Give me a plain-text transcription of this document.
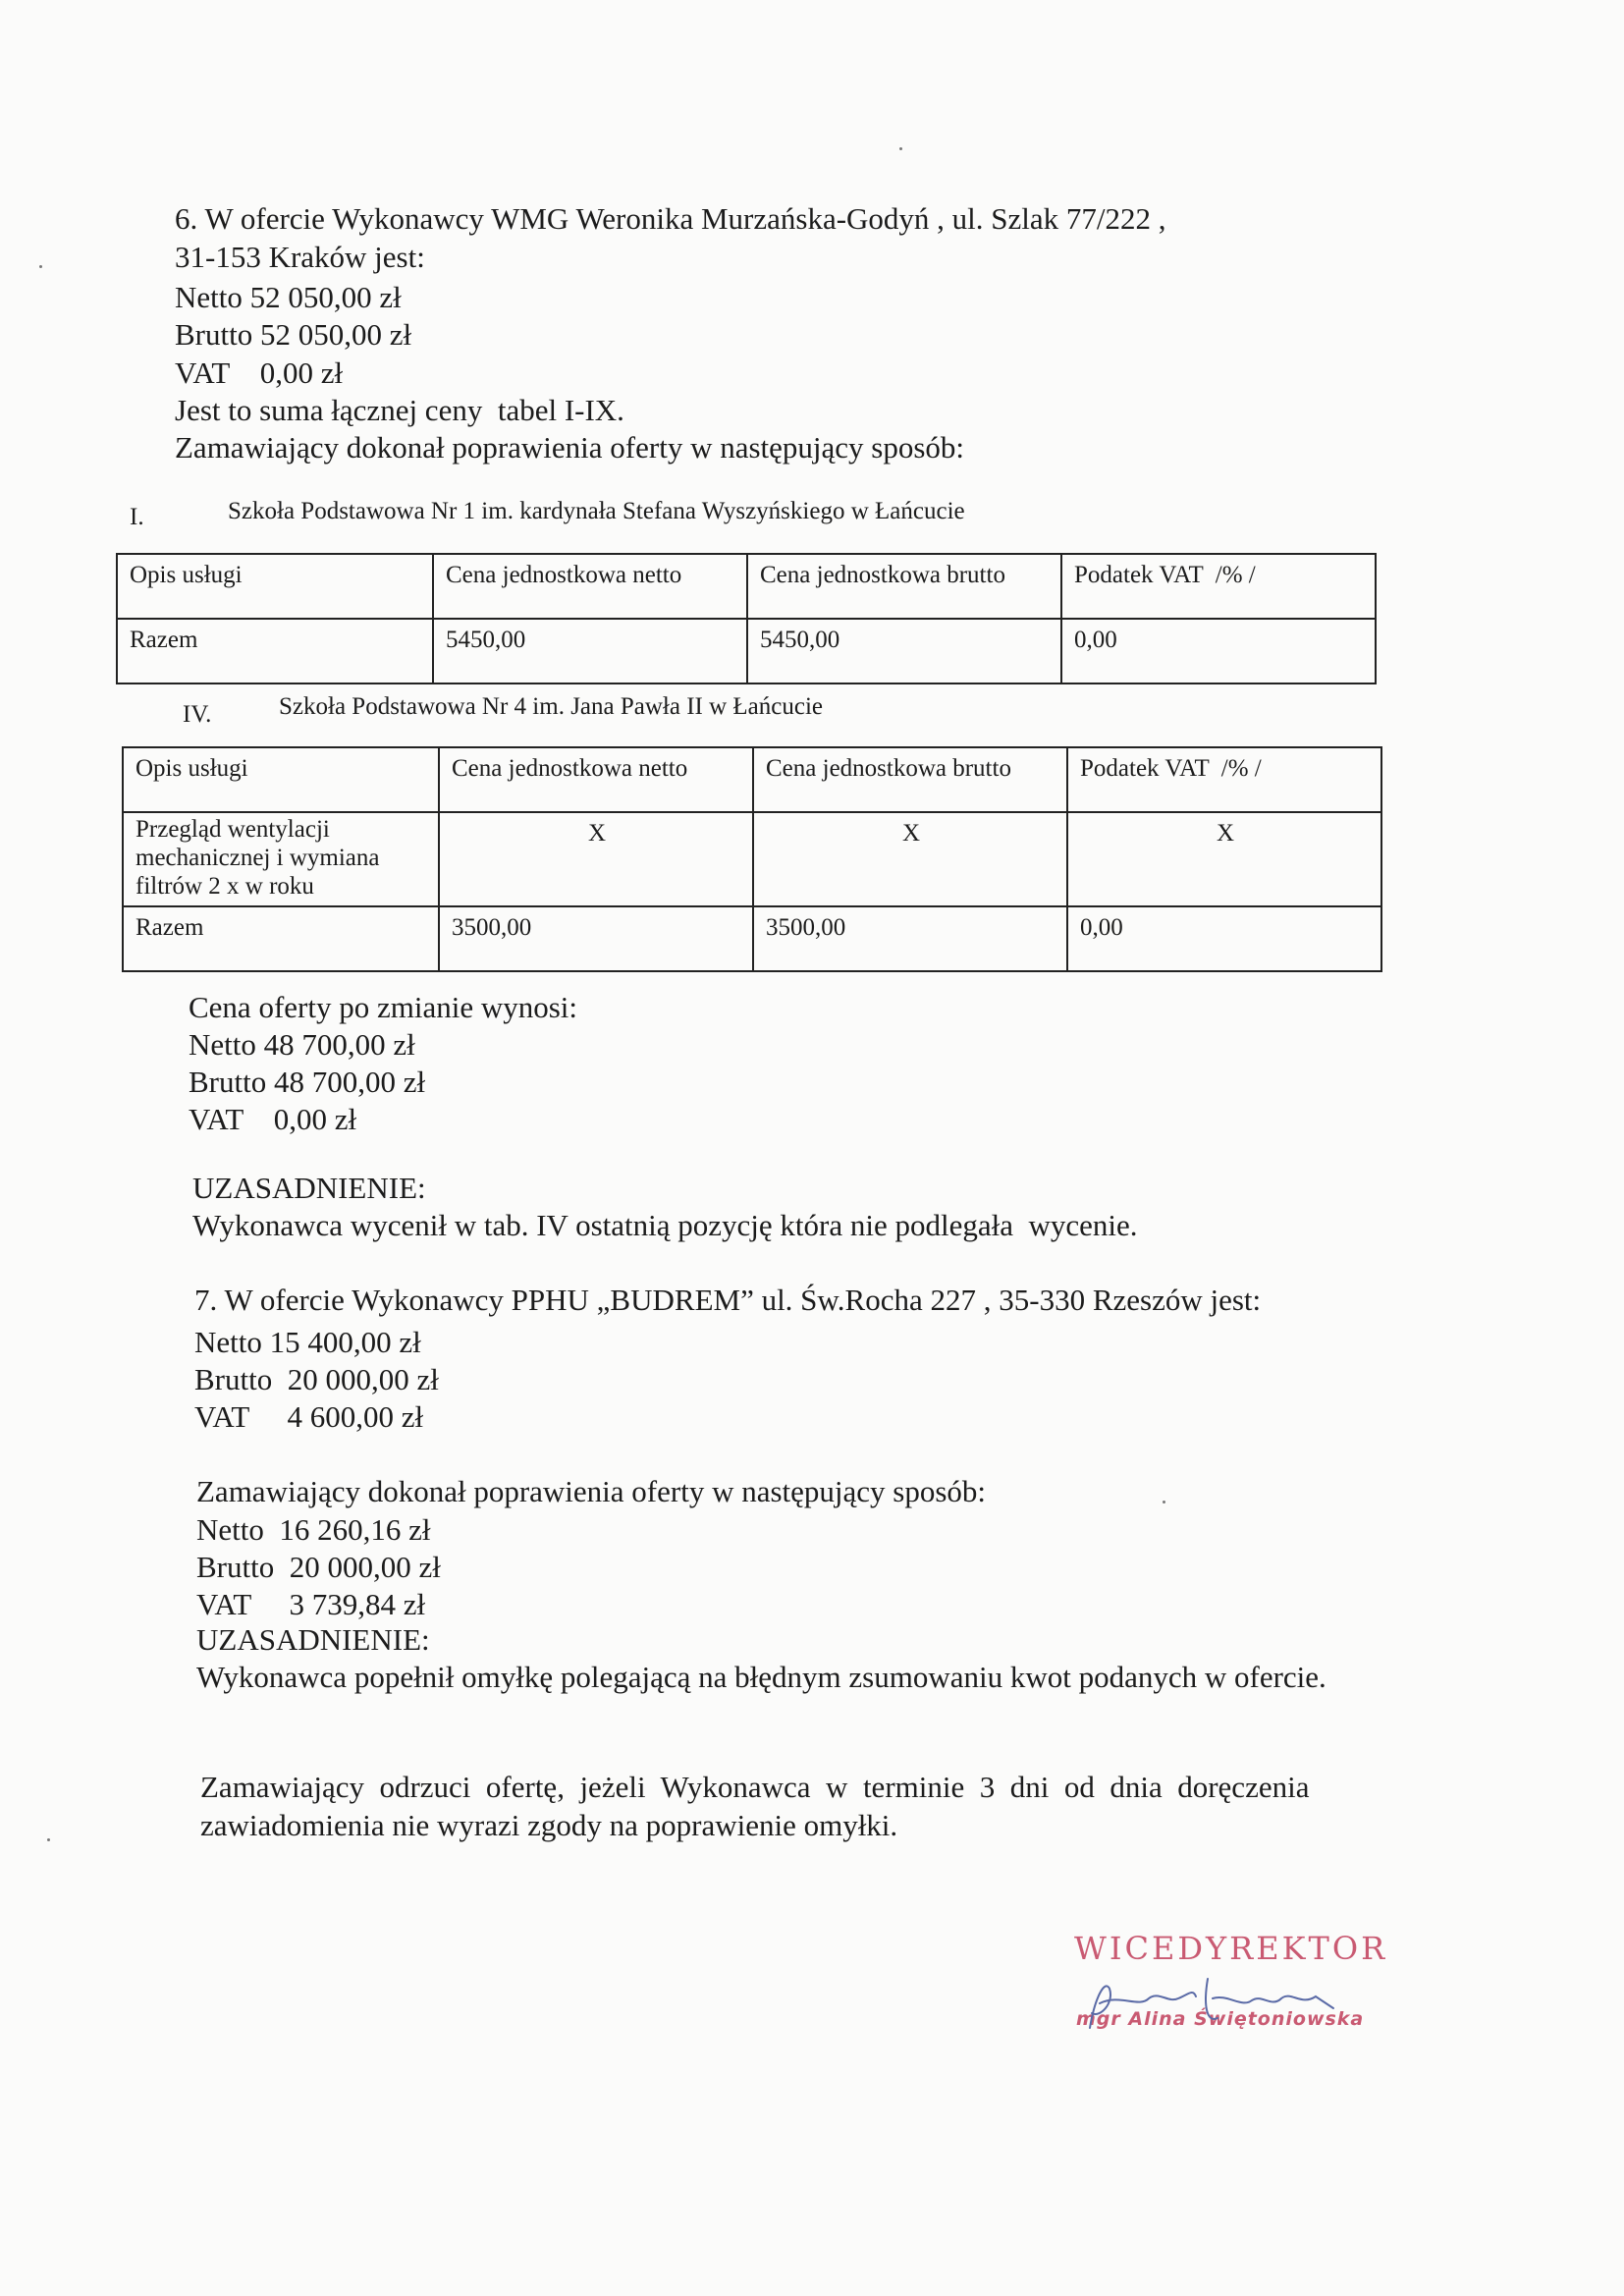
6. W ofercie Wykonawcy WMG Weronika Murzańska-Godyń , ul. Szlak 77/222 ,
31-153 Kraków jest:
Netto 52 050,00 zł
Brutto 52 050,00 zł
VAT    0,00 zł
Jest to suma łącznej ceny  tabel I-IX.
Zamawiający dokonał poprawienia oferty w następujący sposób:
I.	Szkoła Podstawowa Nr 1 im. kardynała Stefana Wyszyńskiego w Łańcucie
Opis usługi	Cena jednostkowa netto	Cena jednostkowa brutto	Podatek VAT  /% /
Razem	5450,00	5450,00	0,00
IV.	Szkoła Podstawowa Nr 4 im. Jana Pawła II w Łańcucie
Opis usługi	Cena jednostkowa netto	Cena jednostkowa brutto	Podatek VAT  /% /
Przegląd wentylacji mechanicznej i wymiana filtrów 2 x w roku	X	X	X
Razem	3500,00	3500,00	0,00
Cena oferty po zmianie wynosi:
Netto 48 700,00 zł
Brutto 48 700,00 zł
VAT    0,00 zł
UZASADNIENIE:
Wykonawca wycenił w tab. IV ostatnią pozycję która nie podlegała  wycenie.
7. W ofercie Wykonawcy PPHU „BUDREM” ul. Św.Rocha 227 , 35-330 Rzeszów jest:
Netto 15 400,00 zł
Brutto  20 000,00 zł
VAT     4 600,00 zł
Zamawiający dokonał poprawienia oferty w następujący sposób:
Netto  16 260,16 zł
Brutto  20 000,00 zł
VAT     3 739,84 zł
UZASADNIENIE:
Wykonawca popełnił omyłkę polegającą na błędnym zsumowaniu kwot podanych w ofercie.
Zamawiający  odrzuci  ofertę,  jeżeli  Wykonawca  w  terminie  3  dni  od  dnia  doręczenia
zawiadomienia nie wyrazi zgody na poprawienie omyłki.
WICEDYREKTOR
mgr Alina Świętoniowska
